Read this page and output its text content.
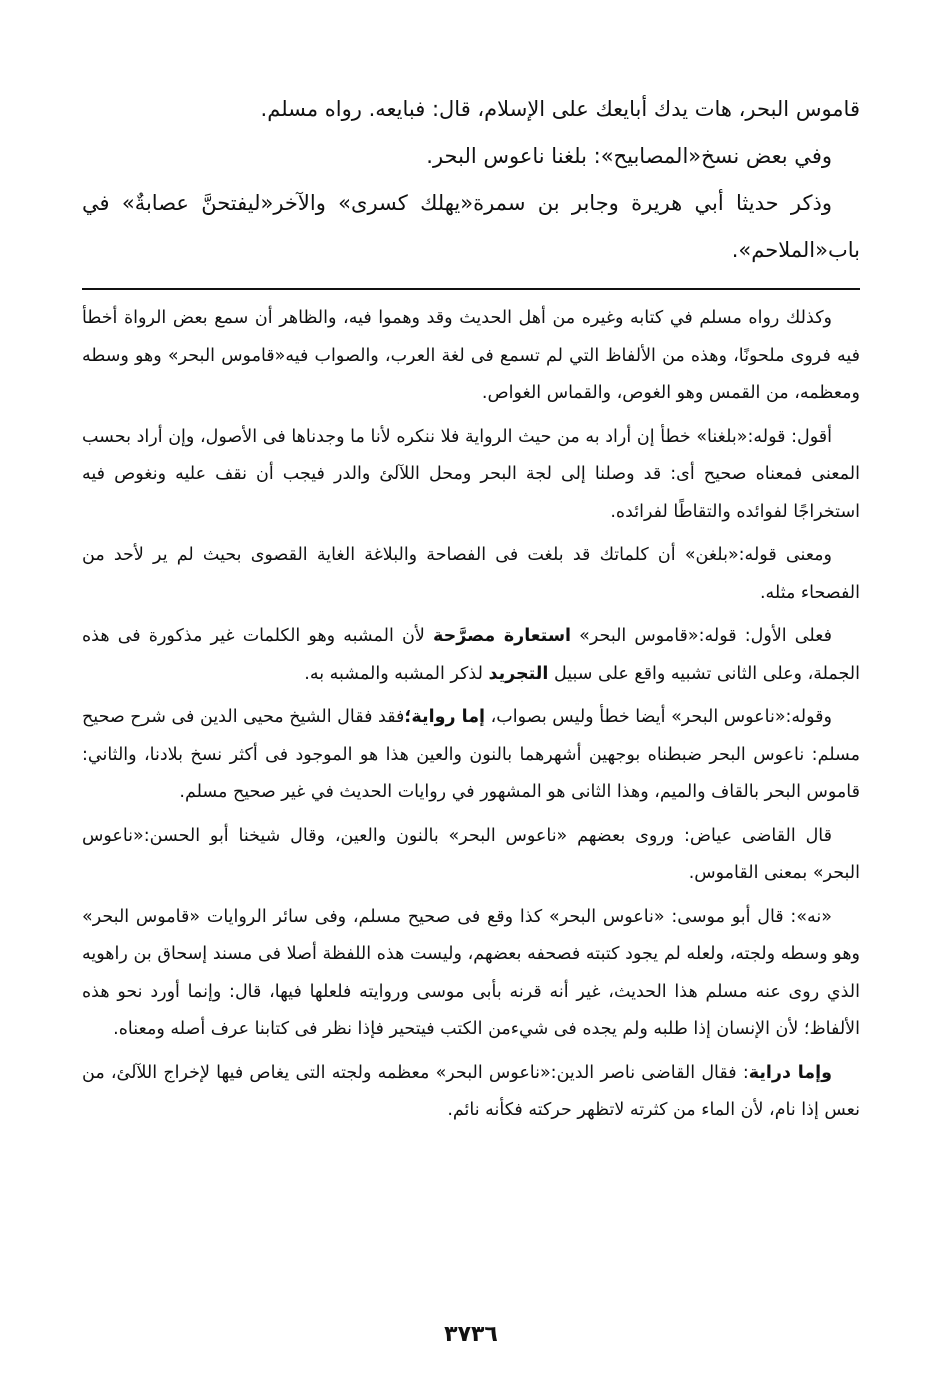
قاموس البحر، هات يدك أبايعك على الإسلام، قال: فبايعه. رواه مسلم.

وفي بعض نسخ«المصابيح»: بلغنا ناعوس البحر.

وذكر حديثا أبي هريرة وجابر بن سمرة«يهلك كسرى» والآخر«ليفتحنَّ عصابةٌ» في باب«الملاحم».

وكذلك رواه مسلم في كتابه وغيره من أهل الحديث وقد وهموا فيه، والظاهر أن سمع بعض الرواة أخطأ فيه فروى ملحونًا، وهذه من الألفاظ التي لم تسمع فى لغة العرب، والصواب فيه«قاموس البحر» وهو وسطه ومعظمه، من القمس وهو الغوص، والقماس الغواص.

أقول: قوله:«بلغنا» خطأ إن أراد به من حيث الرواية فلا ننكره لأنا ما وجدناها فى الأصول، وإن أراد بحسب المعنى فمعناه صحيح أى: قد وصلنا إلى لجة البحر ومحل اللآلئ والدر فيجب أن نقف عليه ونغوص فيه استخراجًا لفوائده والتقاطًا لفرائده.

ومعنى قوله:«بلغن» أن كلماتك قد بلغت فى الفصاحة والبلاغة الغاية القصوى بحيث لم ير لأحد من الفصحاء مثله.

فعلى الأول: قوله:«قاموس البحر» استعارة مصرَّحة لأن المشبه وهو الكلمات غير مذكورة فى هذه الجملة، وعلى الثانى تشبيه واقع على سبيل التجريد لذكر المشبه والمشبه به.

وقوله:«ناعوس البحر» أيضا خطأ وليس بصواب، إما رواية؛فقد فقال الشيخ محيى الدين فى شرح صحيح مسلم: ناعوس البحر ضبطناه بوجهين أشهرهما بالنون والعين هذا هو الموجود فى أكثر نسخ بلادنا، والثاني: قاموس البحر بالقاف والميم، وهذا الثانى هو المشهور في روايات الحديث في غير صحيح مسلم.

قال القاضى عياض: وروى بعضهم «ناعوس البحر» بالنون والعين، وقال شيخنا أبو الحسن:«ناعوس البحر» بمعنى القاموس.

«نه»: قال أبو موسى: «ناعوس البحر» كذا وقع فى صحيح مسلم، وفى سائر الروايات «قاموس البحر» وهو وسطه ولجته، ولعله لم يجود كتبته فصحفه بعضهم، وليست هذه اللفظة أصلا فى مسند إسحاق بن راهويه الذي روى عنه مسلم هذا الحديث، غير أنه قرنه بأبى موسى وروايته فلعلها فيها، قال: وإنما أورد نحو هذه الألفاظ؛ لأن الإنسان إذا طلبه ولم يجده فى شيءمن الكتب فيتحير فإذا نظر فى كتابنا عرف أصله ومعناه.

وإما دراية: فقال القاضى ناصر الدين:«ناعوس البحر» معظمه ولجته التى يغاص فيها لإخراج اللآلئ، من نعس إذا نام، لأن الماء من كثرته لاتظهر حركته فكأنه نائم.

٣٧٣٦
